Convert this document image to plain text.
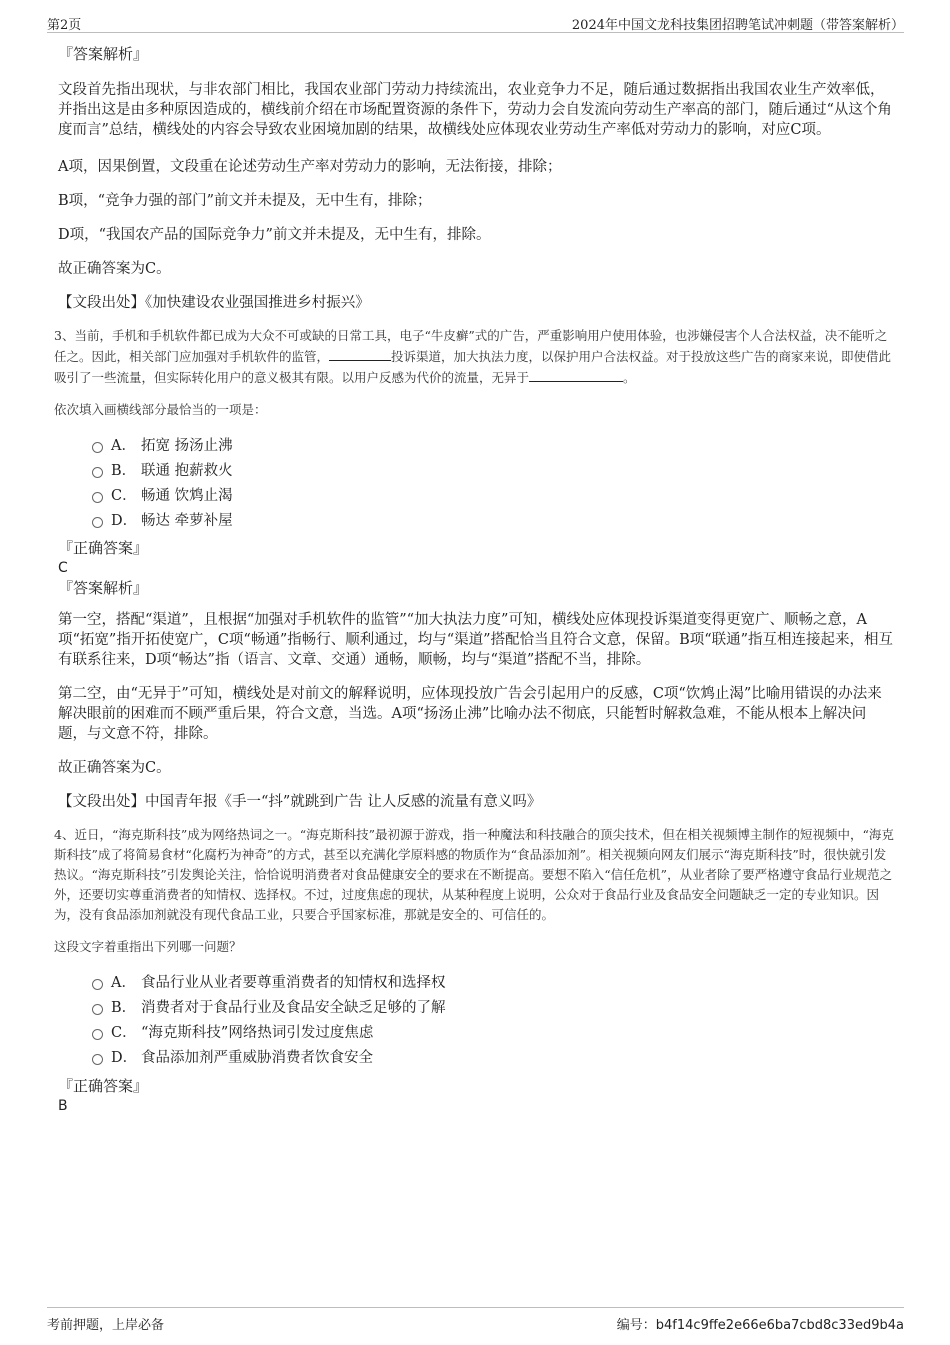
第2页	2024年中国文龙科技集团招聘笔试冲刺题（带答案解析）

『答案解析』

文段首先指出现状，与非农部门相比，我国农业部门劳动力持续流出，农业竞争力不足，随后通过数据指出我国农业生产效率低，并指出这是由多种原因造成的，横线前介绍在市场配置资源的条件下，劳动力会自发流向劳动生产率高的部门，随后通过“从这个角度而言”总结，横线处的内容会导致农业困境加剧的结果，故横线处应体现农业劳动生产率低对劳动力的影响，对应C项。

A项，因果倒置，文段重在论述劳动生产率对劳动力的影响，无法衔接，排除；

B项，“竞争力强的部门”前文并未提及，无中生有，排除；

D项，“我国农产品的国际竞争力”前文并未提及，无中生有，排除。

故正确答案为C。

【文段出处】《加快建设农业强国推进乡村振兴》

3、当前，手机和手机软件都已成为大众不可或缺的日常工具，电子“牛皮癣”式的广告，严重影响用户使用体验，也涉嫌侵害个人合法权益，决不能听之任之。因此，相关部门应加强对手机软件的监管，	投诉渠道，加大执法力度，以保护用户合法权益。对于投放这些广告的商家来说，即使借此吸引了一些流量，但实际转化用户的意义极其有限。以用户反感为代价的流量，无异于	。

依次填入画横线部分最恰当的一项是：

A． 拓宽 扬汤止沸
B． 联通 抱薪救火
C． 畅通 饮鸩止渴
D． 畅达 牵萝补屋

『正确答案』

C

『答案解析』

第一空，搭配“渠道”，且根据“加强对手机软件的监管”“加大执法力度”可知，横线处应体现投诉渠道变得更宽广、顺畅之意，A项“拓宽”指开拓使宽广，C项“畅通”指畅行、顺利通过，均与“渠道”搭配恰当且符合文意，保留。B项“联通”指互相连接起来，相互有联系往来，D项“畅达”指（语言、文章、交通）通畅，顺畅，均与“渠道”搭配不当，排除。

第二空，由“无异于”可知，横线处是对前文的解释说明，应体现投放广告会引起用户的反感，C项“饮鸩止渴”比喻用错误的办法来解决眼前的困难而不顾严重后果，符合文意，当选。A项“扬汤止沸”比喻办法不彻底，只能暂时解救急难，不能从根本上解决问题，与文意不符，排除。

故正确答案为C。

【文段出处】中国青年报《手一“抖”就跳到广告 让人反感的流量有意义吗》

4、近日，“海克斯科技”成为网络热词之一。“海克斯科技”最初源于游戏，指一种魔法和科技融合的顶尖技术，但在相关视频博主制作的短视频中，“海克斯科技”成了将简易食材“化腐朽为神奇”的方式，甚至以充满化学原料感的物质作为“食品添加剂”。相关视频向网友们展示“海克斯科技”时，很快就引发热议。“海克斯科技”引发舆论关注，恰恰说明消费者对食品健康安全的要求在不断提高。要想不陷入“信任危机”，从业者除了要严格遵守食品行业规范之外，还要切实尊重消费者的知情权、选择权。不过，过度焦虑的现状，从某种程度上说明，公众对于食品行业及食品安全问题缺乏一定的专业知识。因为，没有食品添加剂就没有现代食品工业，只要合乎国家标准，那就是安全的、可信任的。

这段文字着重指出下列哪一问题？

A． 食品行业从业者要尊重消费者的知情权和选择权
B． 消费者对于食品行业及食品安全缺乏足够的了解
C． “海克斯科技”网络热词引发过度焦虑
D． 食品添加剂严重威胁消费者饮食安全

『正确答案』

B

考前押题，上岸必备	编号：b4f14c9ffe2e66e6ba7cbd8c33ed9b4a
